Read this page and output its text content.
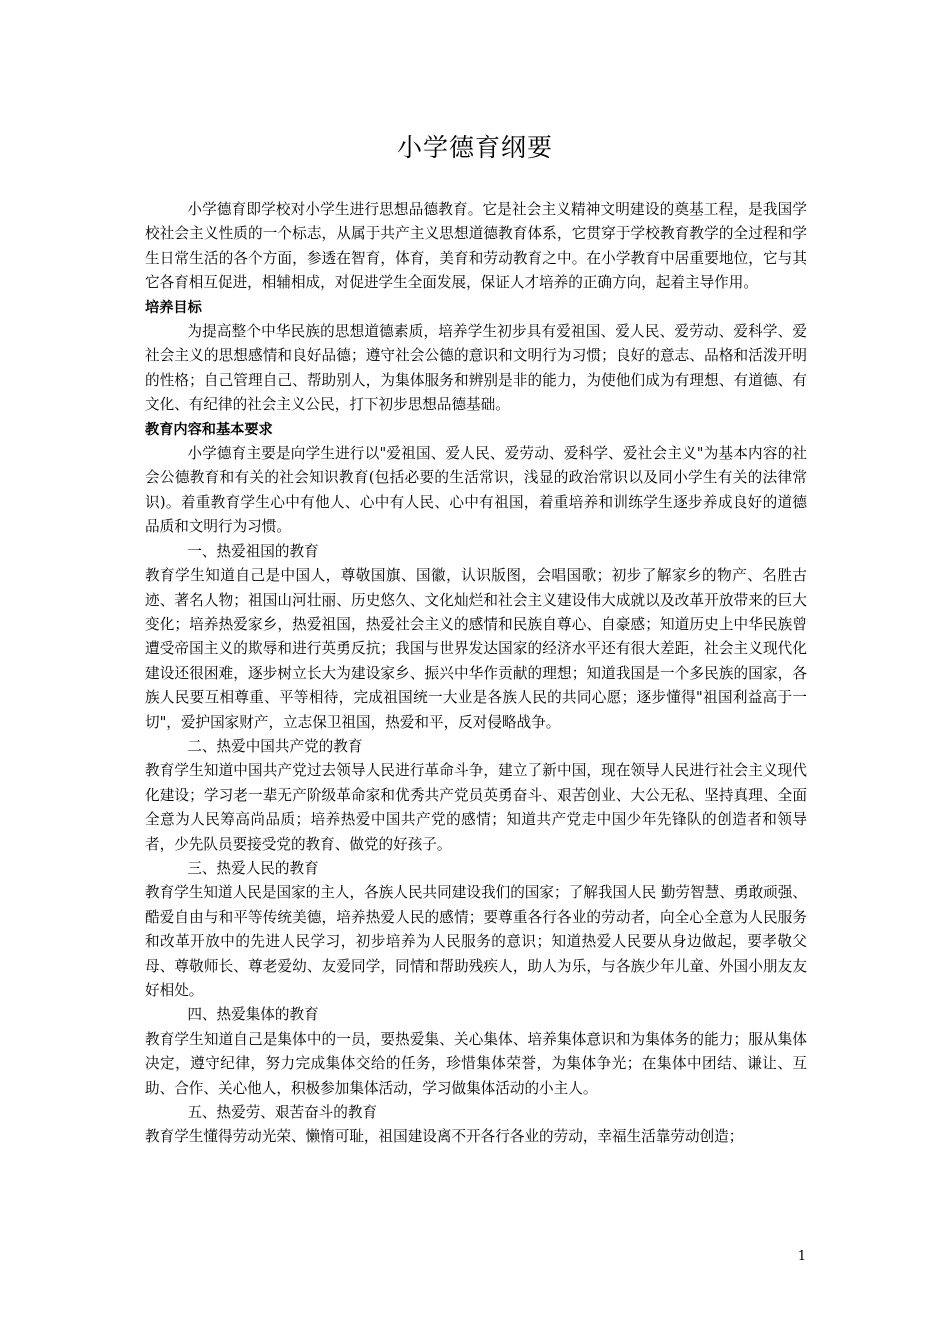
小学德育纲要

小学德育即学校对小学生进行思想品德教育。它是社会主义精神文明建设的奠基工程，是我国学校社会主义性质的一个标志，从属于共产主义思想道德教育体系，它贯穿于学校教育教学的全过程和学生日常生活的各个方面，参透在智育，体育，美育和劳动教育之中。在小学教育中居重要地位，它与其它各育相互促进，相辅相成，对促进学生全面发展，保证人才培养的正确方向，起着主导作用。

培养目标

为提高整个中华民族的思想道德素质，培养学生初步具有爱祖国、爱人民、爱劳动、爱科学、爱社会主义的思想感情和良好品德；遵守社会公德的意识和文明行为习惯；良好的意志、品格和活泼开明的性格；自己管理自己、帮助别人，为集体服务和辨别是非的能力，为使他们成为有理想、有道德、有文化、有纪律的社会主义公民，打下初步思想品德基础。

教育内容和基本要求

小学德育主要是向学生进行以"爱祖国、爱人民、爱劳动、爱科学、爱社会主义"为基本内容的社会公德教育和有关的社会知识教育(包括必要的生活常识，浅显的政治常识以及同小学生有关的法律常识)。着重教育学生心中有他人、心中有人民、心中有祖国，着重培养和训练学生逐步养成良好的道德品质和文明行为习惯。

一、热爱祖国的教育

教育学生知道自己是中国人，尊敬国旗、国徽，认识版图，会唱国歌；初步了解家乡的物产、名胜古迹、著名人物；祖国山河壮丽、历史悠久、文化灿烂和社会主义建设伟大成就以及改革开放带来的巨大变化；培养热爱家乡，热爱祖国，热爱社会主义的感情和民族自尊心、自豪感；知道历史上中华民族曾遭受帝国主义的欺辱和进行英勇反抗；我国与世界发达国家的经济水平还有很大差距，社会主义现代化建设还很困难，逐步树立长大为建设家乡、振兴中华作贡献的理想；知道我国是一个多民族的国家，各族人民要互相尊重、平等相待，完成祖国统一大业是各族人民的共同心愿；逐步懂得"祖国利益高于一切"，爱护国家财产，立志保卫祖国，热爱和平，反对侵略战争。

二、热爱中国共产党的教育

教育学生知道中国共产党过去领导人民进行革命斗争，建立了新中国，现在领导人民进行社会主义现代化建设；学习老一辈无产阶级革命家和优秀共产党员英勇奋斗、艰苦创业、大公无私、坚持真理、全面全意为人民筹高尚品质；培养热爱中国共产党的感情；知道共产党走中国少年先锋队的创造者和领导者，少先队员要接受党的教育、做党的好孩子。

三、热爱人民的教育

教育学生知道人民是国家的主人，各族人民共同建设我们的国家；了解我国人民 勤劳智慧、勇敢顽强、酷爱自由与和平等传统美德，培养热爱人民的感情；要尊重各行各业的劳动者，向全心全意为人民服务和改革开放中的先进人民学习，初步培养为人民服务的意识；知道热爱人民要从身边做起，要孝敬父母、尊敬师长、尊老爱幼、友爱同学，同情和帮助残疾人，助人为乐，与各族少年儿童、外国小朋友友好相处。

四、热爱集体的教育

教育学生知道自己是集体中的一员，要热爱集、关心集体、培养集体意识和为集体务的能力；服从集体决定，遵守纪律，努力完成集体交给的任务，珍惜集体荣誉，为集体争光；在集体中团结、谦让、互助、合作、关心他人，积极参加集体活动，学习做集体活动的小主人。

五、热爱劳、艰苦奋斗的教育

教育学生懂得劳动光荣、懒惰可耻，祖国建设离不开各行各业的劳动，幸福生活靠劳动创造；

1
